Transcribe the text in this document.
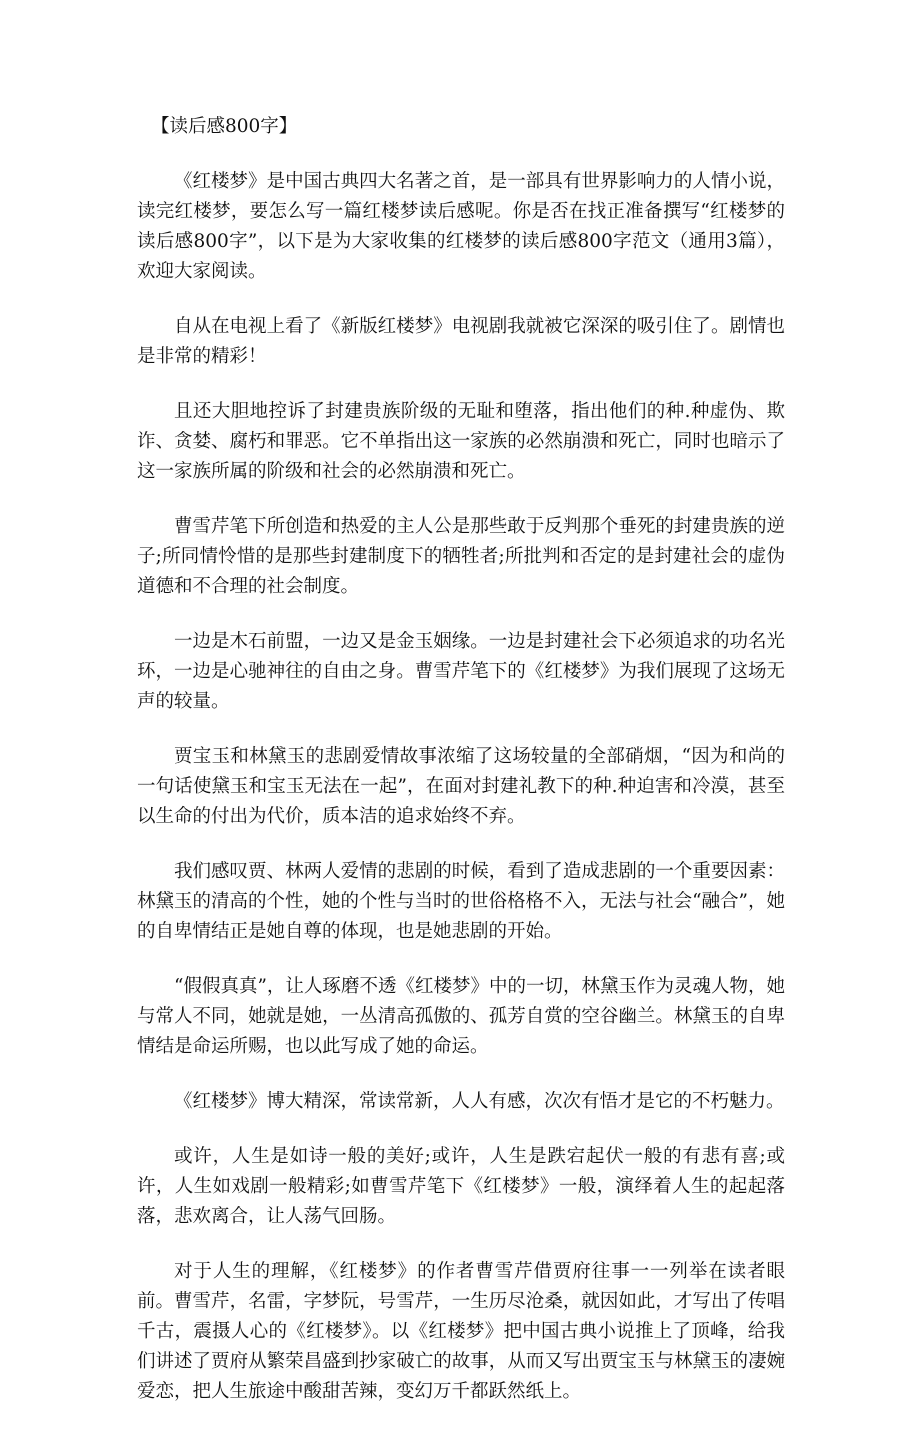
【读后感800字】

《红楼梦》是中国古典四大名著之首，是一部具有世界影响力的人情小说，读完红楼梦，要怎么写一篇红楼梦读后感呢。你是否在找正准备撰写“红楼梦的读后感800字”，以下是为大家收集的红楼梦的读后感800字范文（通用3篇），欢迎大家阅读。

自从在电视上看了《新版红楼梦》电视剧我就被它深深的吸引住了。剧情也是非常的精彩！

且还大胆地控诉了封建贵族阶级的无耻和堕落，指出他们的种.种虚伪、欺诈、贪婪、腐朽和罪恶。它不单指出这一家族的必然崩溃和死亡，同时也暗示了这一家族所属的阶级和社会的必然崩溃和死亡。

曹雪芹笔下所创造和热爱的主人公是那些敢于反判那个垂死的封建贵族的逆子;所同情怜惜的是那些封建制度下的牺牲者;所批判和否定的是封建社会的虚伪道德和不合理的社会制度。

一边是木石前盟，一边又是金玉姻缘。一边是封建社会下必须追求的功名光环，一边是心驰神往的自由之身。曹雪芹笔下的《红楼梦》为我们展现了这场无声的较量。

贾宝玉和林黛玉的悲剧爱情故事浓缩了这场较量的全部硝烟，“因为和尚的一句话使黛玉和宝玉无法在一起”，在面对封建礼教下的种.种迫害和冷漠，甚至以生命的付出为代价，质本洁的追求始终不弃。

我们感叹贾、林两人爱情的悲剧的时候，看到了造成悲剧的一个重要因素：林黛玉的清高的个性，她的个性与当时的世俗格格不入，无法与社会“融合”，她的自卑情结正是她自尊的体现，也是她悲剧的开始。

“假假真真”，让人琢磨不透《红楼梦》中的一切，林黛玉作为灵魂人物，她与常人不同，她就是她，一丛清高孤傲的、孤芳自赏的空谷幽兰。林黛玉的自卑情结是命运所赐，也以此写成了她的命运。

《红楼梦》博大精深，常读常新，人人有感，次次有悟才是它的不朽魅力。

或许，人生是如诗一般的美好;或许，人生是跌宕起伏一般的有悲有喜;或许，人生如戏剧一般精彩;如曹雪芹笔下《红楼梦》一般，演绎着人生的起起落落，悲欢离合，让人荡气回肠。

对于人生的理解，《红楼梦》的作者曹雪芹借贾府往事一一列举在读者眼前。曹雪芹，名雷，字梦阮，号雪芹，一生历尽沧桑，就因如此，才写出了传唱千古，震摄人心的《红楼梦》。以《红楼梦》把中国古典小说推上了顶峰，给我们讲述了贾府从繁荣昌盛到抄家破亡的故事，从而又写出贾宝玉与林黛玉的凄婉爱恋，把人生旅途中酸甜苦辣，变幻万千都跃然纸上。
